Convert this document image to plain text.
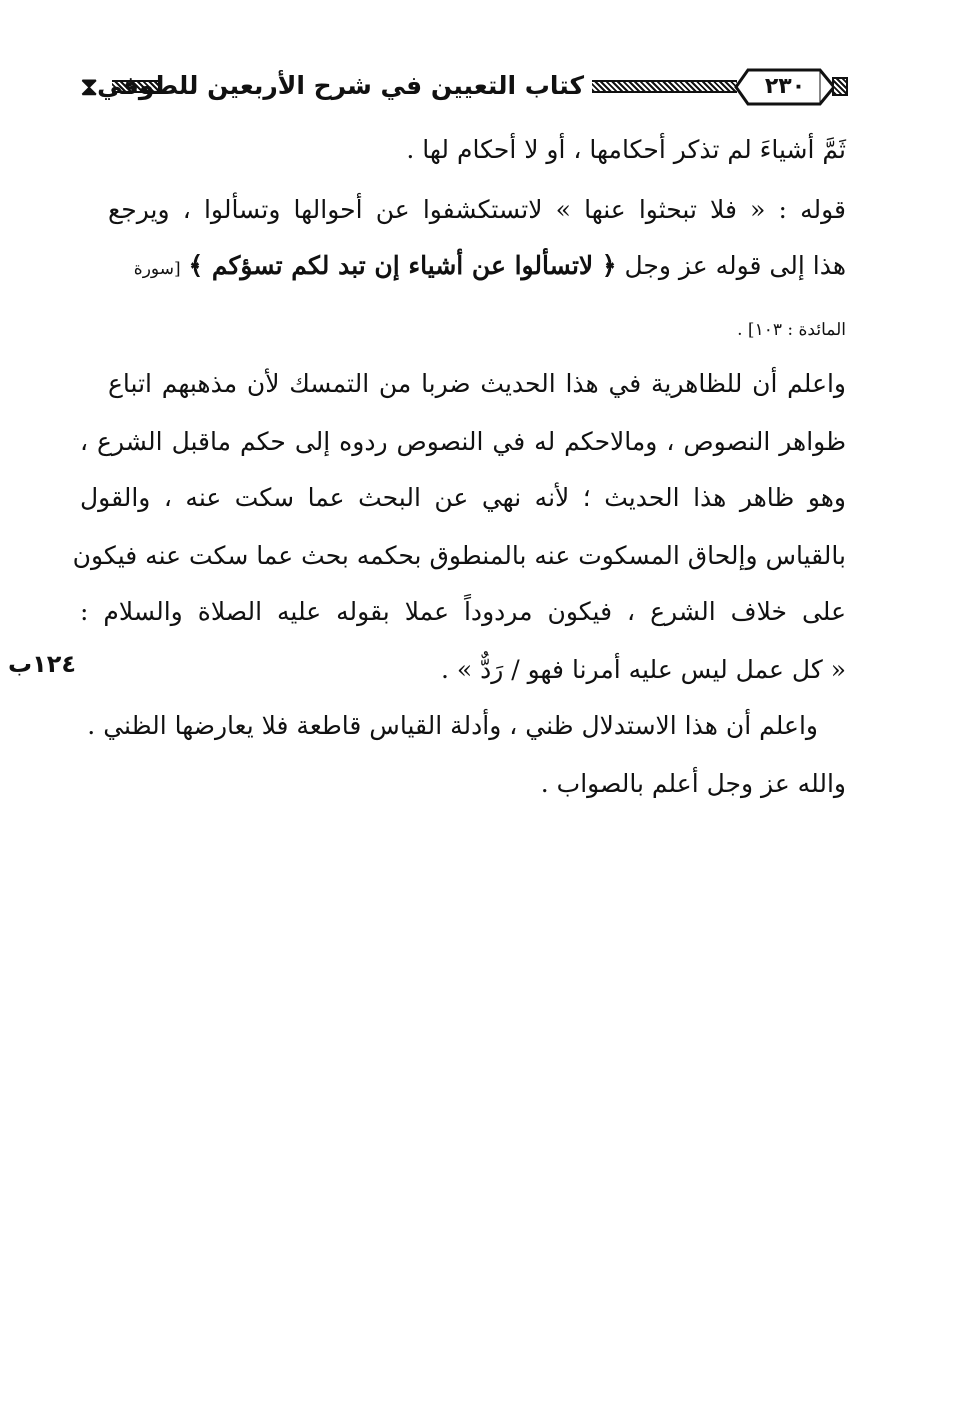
⧗
كتاب التعيين في شرح الأربعين للطوفي	٢٣٠
ثَمَّ أشياءَ لم تذكر أحكامها ، أو لا أحكام لها .
قوله : « فلا تبحثوا عنها » لاتستكشفوا عن أحوالها وتسألوا ، ويرجع
هذا إلى قوله عز وجل ﴿ لاتسألوا عن أشياء إن تبد لكم تسؤكم ﴾ [سورة
المائدة : ١٠٣] .
واعلم أن للظاهرية في هذا الحديث ضربا من التمسك لأن مذهبهم اتباع
ظواهر النصوص ، ومالاحكم له في النصوص ردوه إلى حكم ماقبل الشرع ،
وهو ظاهر هذا الحديث ؛ لأنه نهي عن البحث عما سكت عنه ، والقول
بالقياس وإلحاق المسكوت عنه بالمنطوق بحكمه بحث عما سكت عنه فيكون
على خلاف الشرع ، فيكون مردوداً عملا بقوله عليه الصلاة والسلام :
« كل عمل ليس عليه أمرنا فهو / رَدٌّ » .
١٢٤ب
واعلم أن هذا الاستدلال ظني ، وأدلة القياس قاطعة فلا يعارضها الظني .
والله عز وجل أعلم بالصواب .
